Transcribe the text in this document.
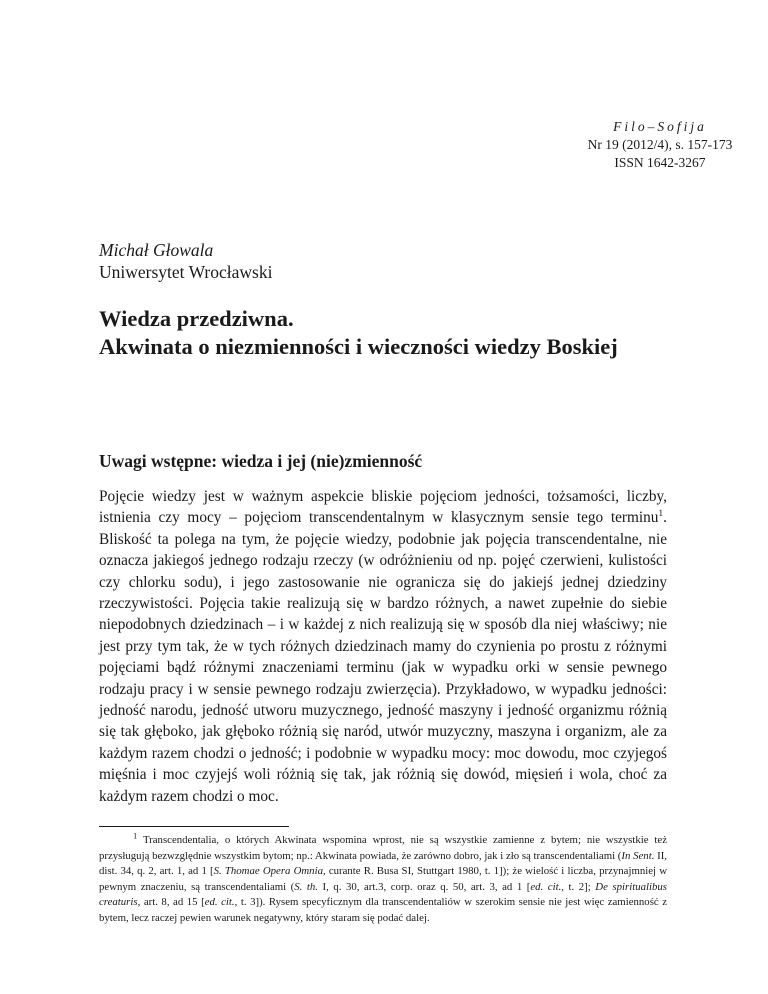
Filo–Sofija
Nr 19 (2012/4), s. 157-173
ISSN 1642-3267
Michał Głowala
Uniwersytet Wrocławski
Wiedza przedziwna.
Akwinata o niezmienności i wieczności wiedzy Boskiej
Uwagi wstępne: wiedza i jej (nie)zmienność

Pojęcie wiedzy jest w ważnym aspekcie bliskie pojęciom jedności, tożsamości, liczby, istnienia czy mocy – pojęciom transcendentalnym w klasycznym sensie tego terminu$^1$. Bliskość ta polega na tym, że pojęcie wiedzy, podobnie jak pojęcia transcendentalne, nie oznacza jakiegoś jednego rodzaju rzeczy (w odróżnieniu od np. pojęć czerwieni, kulistości czy chlorku sodu), i jego zastosowanie nie ogranicza się do jakiejś jednej dziedziny rzeczywistości. Pojęcia takie realizują się w bardzo różnych, a nawet zupełnie do siebie niepodobnych dziedzinach – i w każdej z nich realizują się w sposób dla niej właściwy; nie jest przy tym tak, że w tych różnych dziedzinach mamy do czynienia po prostu z różnymi pojęciami bądź różnymi znaczeniami terminu (jak w wypadku orki w sensie pewnego rodzaju pracy i w sensie pewnego rodzaju zwierzęcia). Przykładowo, w wypadku jedności: jedność narodu, jedność utworu muzycznego, jedność maszyny i jedność organizmu różnią się tak głęboko, jak głęboko różnią się naród, utwór muzyczny, maszyna i organizm, ale za każdym razem chodzi o jedność; i podobnie w wypadku mocy: moc dowodu, moc czyjegoś mięśnia i moc czyjejś woli różnią się tak, jak różnią się dowód, mięsień i wola, choć za każdym razem chodzi o moc.

$^1$ Transcendentalia, o których Akwinata wspomina wprost, nie są wszystkie zamienne z bytem; nie wszystkie też przysługują bezwzględnie wszystkim bytom; np.: Akwinata powiada, że zarówno dobro, jak i zło są transcendentaliami (In Sent. II, dist. 34, q. 2, art. 1, ad 1 [S. Thomae Opera Omnia, curante R. Busa SI, Stuttgart 1980, t. 1]); że wielość i liczba, przynajmniej w pewnym znaczeniu, są transcendentaliami (S. th. I, q. 30, art.3, corp. oraz q. 50, art. 3, ad 1 [ed. cit., t. 2]; De spiritualibus creaturis, art. 8, ad 15 [ed. cit., t. 3]). Rysem specyficznym dla transcendentaliów w szerokim sensie nie jest więc zamienność z bytem, lecz raczej pewien warunek negatywny, który staram się podać dalej.
